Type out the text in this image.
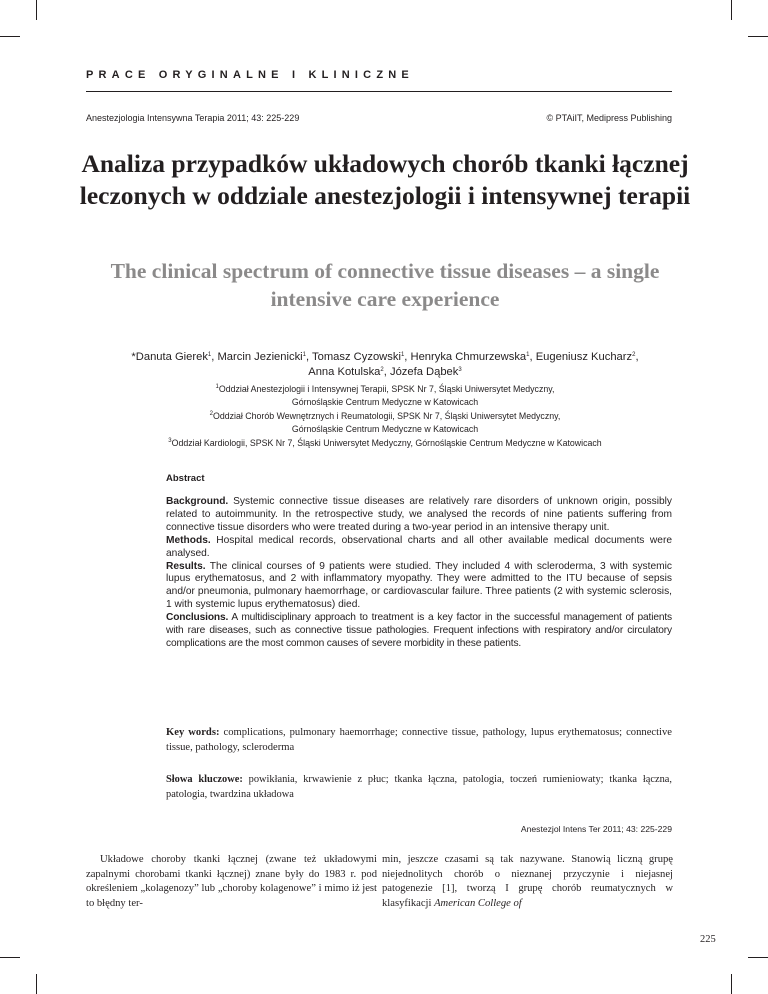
PRACE ORYGINALNE I KLINICZNE
Anestezjologia Intensywna Terapia 2011; 43: 225-229	© PTAiIT, Medipress Publishing
Analiza przypadków układowych chorób tkanki łącznej leczonych w oddziale anestezjologii i intensywnej terapii
The clinical spectrum of connective tissue diseases – a single intensive care experience
*Danuta Gierek$^1$, Marcin Jezienicki$^1$, Tomasz Cyzowski$^1$, Henryka Chmurzewska$^1$, Eugeniusz Kucharz$^2$,
Anna Kotulska$^2$, Józefa Dąbek$^3$
$^1$Oddział Anestezjologii i Intensywnej Terapii, SPSK Nr 7, Śląski Uniwersytet Medyczny,
Górnośląskie Centrum Medyczne w Katowicach
$^2$Oddział Chorób Wewnętrznych i Reumatologii, SPSK Nr 7, Śląski Uniwersytet Medyczny,
Górnośląskie Centrum Medyczne w Katowicach
$^3$Oddział Kardiologii, SPSK Nr 7, Śląski Uniwersytet Medyczny, Górnośląskie Centrum Medyczne w Katowicach
Abstract

Background. Systemic connective tissue diseases are relatively rare disorders of unknown origin, possibly related to autoimmunity. In the retrospective study, we analysed the records of nine patients suffering from connective tissue disorders who were treated during a two-year period in an intensive therapy unit.

Methods. Hospital medical records, observational charts and all other available medical documents were analysed.

Results. The clinical courses of 9 patients were studied. They included 4 with scleroderma, 3 with systemic lupus erythematosus, and 2 with inflammatory myopathy. They were admitted to the ITU because of sepsis and/or pneumonia, pulmonary haemorrhage, or cardiovascular failure. Three patients (2 with systemic sclerosis, 1 with systemic lupus erythematosus) died.

Conclusions. A multidisciplinary approach to treatment is a key factor in the successful management of patients with rare diseases, such as connective tissue pathologies. Frequent infections with respiratory and/or circulatory complications are the most common causes of severe morbidity in these patients.

Key words: complications, pulmonary haemorrhage; connective tissue, pathology, lupus erythematosus; connective tissue, pathology, scleroderma
Słowa kluczowe: powikłania, krwawienie z płuc; tkanka łączna, patologia, toczeń rumieniowaty; tkanka łączna, patologia, twardzina układowa
Anestezjol Intens Ter 2011; 43: 225-229
Układowe choroby tkanki łącznej (zwane też układowymi zapalnymi chorobami tkanki łącznej) znane były do 1983 r. pod określeniem „kolagenozy” lub „choroby kolagenowe” i mimo iż jest to błędny ter-
min, jeszcze czasami są tak nazywane. Stanowią liczną grupę niejednolitych chorób o nieznanej przyczynie i niejasnej patogenezie [1], tworzą I grupę chorób reumatycznych w klasyfikacji American College of
225
